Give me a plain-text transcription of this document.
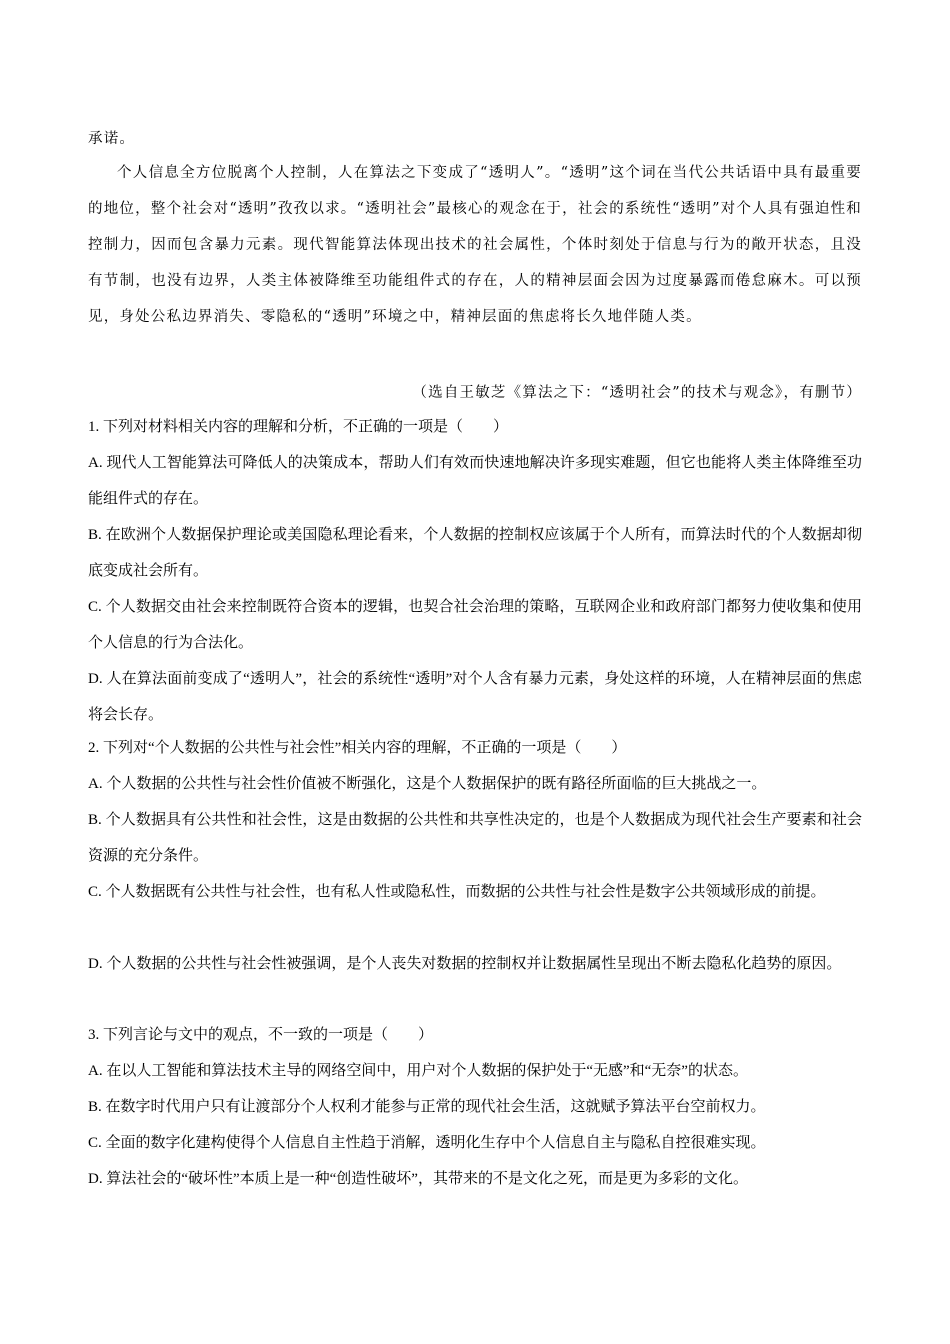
承诺。

个人信息全方位脱离个人控制，人在算法之下变成了“透明人”。“透明”这个词在当代公共话语中具有最重要的地位，整个社会对“透明”孜孜以求。“透明社会”最核心的观念在于，社会的系统性“透明”对个人具有强迫性和控制力，因而包含暴力元素。现代智能算法体现出技术的社会属性，个体时刻处于信息与行为的敞开状态，且没有节制，也没有边界，人类主体被降维至功能组件式的存在，人的精神层面会因为过度暴露而倦怠麻木。可以预见，身处公私边界消失、零隐私的“透明”环境之中，精神层面的焦虑将长久地伴随人类。

（选自王敏芝《算法之下：“透明社会”的技术与观念》，有删节）

1. 下列对材料相关内容的理解和分析，不正确的一项是（　　）

A. 现代人工智能算法可降低人的决策成本，帮助人们有效而快速地解决许多现实难题，但它也能将人类主体降维至功能组件式的存在。

B. 在欧洲个人数据保护理论或美国隐私理论看来，个人数据的控制权应该属于个人所有，而算法时代的个人数据却彻底变成社会所有。

C. 个人数据交由社会来控制既符合资本的逻辑，也契合社会治理的策略，互联网企业和政府部门都努力使收集和使用个人信息的行为合法化。

D. 人在算法面前变成了“透明人”，社会的系统性“透明”对个人含有暴力元素，身处这样的环境，人在精神层面的焦虑将会长存。

2. 下列对“个人数据的公共性与社会性”相关内容的理解，不正确的一项是（　　）

A. 个人数据的公共性与社会性价值被不断强化，这是个人数据保护的既有路径所面临的巨大挑战之一。

B. 个人数据具有公共性和社会性，这是由数据的公共性和共享性决定的，也是个人数据成为现代社会生产要素和社会资源的充分条件。

C. 个人数据既有公共性与社会性，也有私人性或隐私性，而数据的公共性与社会性是数字公共领域形成的前提。

D. 个人数据的公共性与社会性被强调，是个人丧失对数据的控制权并让数据属性呈现出不断去隐私化趋势的原因。

3. 下列言论与文中的观点，不一致的一项是（　　）

A. 在以人工智能和算法技术主导的网络空间中，用户对个人数据的保护处于“无感”和“无奈”的状态。

B. 在数字时代用户只有让渡部分个人权利才能参与正常的现代社会生活，这就赋予算法平台空前权力。

C. 全面的数字化建构使得个人信息自主性趋于消解，透明化生存中个人信息自主与隐私自控很难实现。

D. 算法社会的“破坏性”本质上是一种“创造性破坏”，其带来的不是文化之死，而是更为多彩的文化。
